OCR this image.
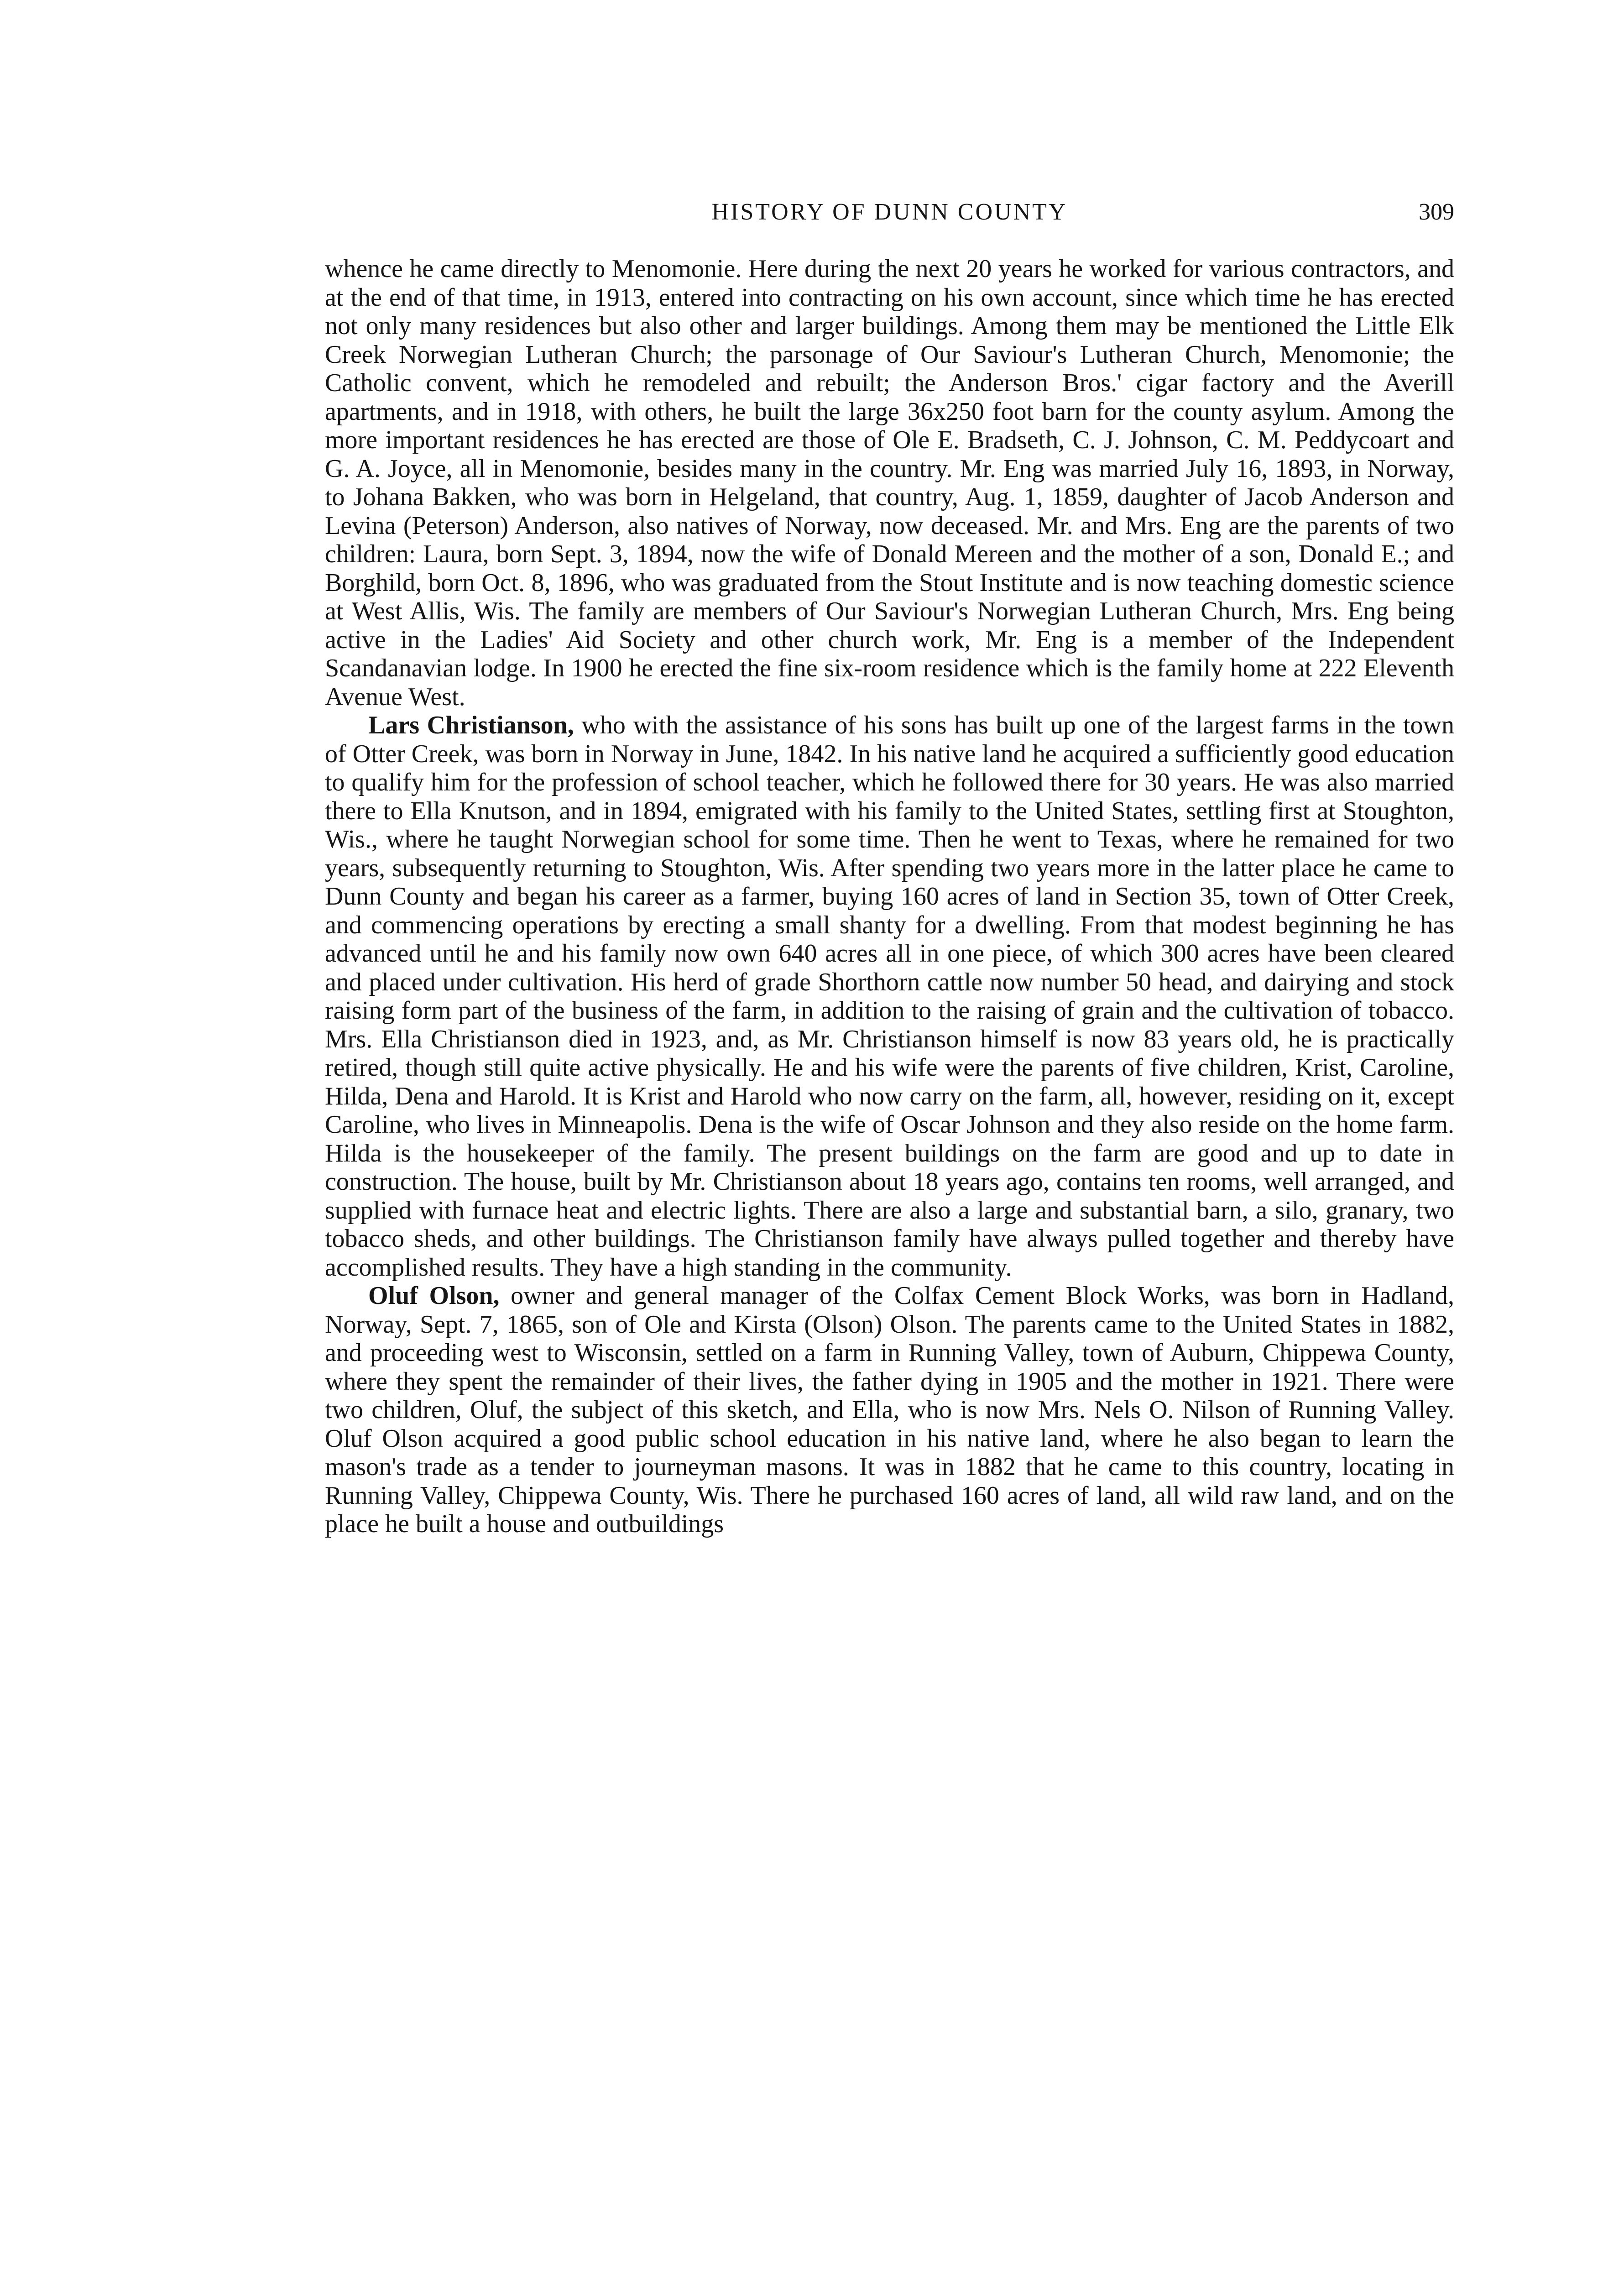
HISTORY OF DUNN COUNTY	309

whence he came directly to Menomonie. Here during the next 20 years he worked for various contractors, and at the end of that time, in 1913, entered into contracting on his own account, since which time he has erected not only many residences but also other and larger buildings. Among them may be mentioned the Little Elk Creek Norwegian Lutheran Church; the parsonage of Our Saviour's Lutheran Church, Menomonie; the Catholic convent, which he remodeled and rebuilt; the Anderson Bros.' cigar factory and the Averill apartments, and in 1918, with others, he built the large 36x250 foot barn for the county asylum. Among the more important residences he has erected are those of Ole E. Bradseth, C. J. Johnson, C. M. Peddycoart and G. A. Joyce, all in Menomonie, besides many in the country. Mr. Eng was married July 16, 1893, in Norway, to Johana Bakken, who was born in Helgeland, that country, Aug. 1, 1859, daughter of Jacob Anderson and Levina (Peterson) Anderson, also natives of Norway, now deceased. Mr. and Mrs. Eng are the parents of two children: Laura, born Sept. 3, 1894, now the wife of Donald Mereen and the mother of a son, Donald E.; and Borghild, born Oct. 8, 1896, who was graduated from the Stout Institute and is now teaching domestic science at West Allis, Wis. The family are members of Our Saviour's Norwegian Lutheran Church, Mrs. Eng being active in the Ladies' Aid Society and other church work, Mr. Eng is a member of the Independent Scandanavian lodge. In 1900 he erected the fine six-room residence which is the family home at 222 Eleventh Avenue West.

Lars Christianson, who with the assistance of his sons has built up one of the largest farms in the town of Otter Creek, was born in Norway in June, 1842. In his native land he acquired a sufficiently good education to qualify him for the profession of school teacher, which he followed there for 30 years. He was also married there to Ella Knutson, and in 1894, emigrated with his family to the United States, settling first at Stoughton, Wis., where he taught Norwegian school for some time. Then he went to Texas, where he remained for two years, subsequently returning to Stoughton, Wis. After spending two years more in the latter place he came to Dunn County and began his career as a farmer, buying 160 acres of land in Section 35, town of Otter Creek, and commencing operations by erecting a small shanty for a dwelling. From that modest beginning he has advanced until he and his family now own 640 acres all in one piece, of which 300 acres have been cleared and placed under cultivation. His herd of grade Shorthorn cattle now number 50 head, and dairying and stock raising form part of the business of the farm, in addition to the raising of grain and the cultivation of tobacco. Mrs. Ella Christianson died in 1923, and, as Mr. Christianson himself is now 83 years old, he is practically retired, though still quite active physically. He and his wife were the parents of five children, Krist, Caroline, Hilda, Dena and Harold. It is Krist and Harold who now carry on the farm, all, however, residing on it, except Caroline, who lives in Minneapolis. Dena is the wife of Oscar Johnson and they also reside on the home farm. Hilda is the housekeeper of the family. The present buildings on the farm are good and up to date in construction. The house, built by Mr. Christianson about 18 years ago, contains ten rooms, well arranged, and supplied with furnace heat and electric lights. There are also a large and substantial barn, a silo, granary, two tobacco sheds, and other buildings. The Christianson family have always pulled together and thereby have accomplished results. They have a high standing in the community.

Oluf Olson, owner and general manager of the Colfax Cement Block Works, was born in Hadland, Norway, Sept. 7, 1865, son of Ole and Kirsta (Olson) Olson. The parents came to the United States in 1882, and proceeding west to Wisconsin, settled on a farm in Running Valley, town of Auburn, Chippewa County, where they spent the remainder of their lives, the father dying in 1905 and the mother in 1921. There were two children, Oluf, the subject of this sketch, and Ella, who is now Mrs. Nels O. Nilson of Running Valley. Oluf Olson acquired a good public school education in his native land, where he also began to learn the mason's trade as a tender to journeyman masons. It was in 1882 that he came to this country, locating in Running Valley, Chippewa County, Wis. There he purchased 160 acres of land, all wild raw land, and on the place he built a house and outbuildings
